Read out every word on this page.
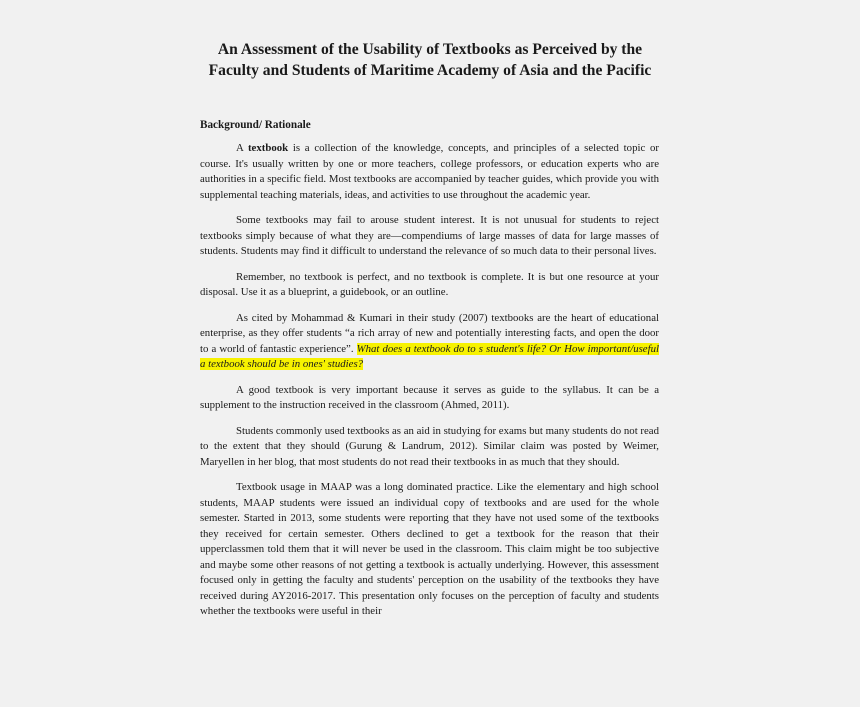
An Assessment of the Usability of Textbooks as Perceived by the
Faculty and Students of Maritime Academy of Asia and the Pacific
Background/ Rationale

A textbook is a collection of the knowledge, concepts, and principles of a selected topic or course. It's usually written by one or more teachers, college professors, or education experts who are authorities in a specific field. Most textbooks are accompanied by teacher guides, which provide you with supplemental teaching materials, ideas, and activities to use throughout the academic year.

Some textbooks may fail to arouse student interest. It is not unusual for students to reject textbooks simply because of what they are—compendiums of large masses of data for large masses of students. Students may find it difficult to understand the relevance of so much data to their personal lives.

Remember, no textbook is perfect, and no textbook is complete. It is but one resource at your disposal. Use it as a blueprint, a guidebook, or an outline.

As cited by Mohammad & Kumari in their study (2007) textbooks are the heart of educational enterprise, as they offer students “a rich array of new and potentially interesting facts, and open the door to a world of fantastic experience”. What does a textbook do to s student's life? Or How important/useful a textbook should be in ones' studies?

A good textbook is very important because it serves as guide to the syllabus. It can be a supplement to the instruction received in the classroom (Ahmed, 2011).

Students commonly used textbooks as an aid in studying for exams but many students do not read to the extent that they should (Gurung & Landrum, 2012). Similar claim was posted by Weimer, Maryellen in her blog, that most students do not read their textbooks in as much that they should.

Textbook usage in MAAP was a long dominated practice. Like the elementary and high school students, MAAP students were issued an individual copy of textbooks and are used for the whole semester. Started in 2013, some students were reporting that they have not used some of the textbooks they received for certain semester. Others declined to get a textbook for the reason that their upperclassmen told them that it will never be used in the classroom. This claim might be too subjective and maybe some other reasons of not getting a textbook is actually underlying. However, this assessment focused only in getting the faculty and students' perception on the usability of the textbooks they have received during AY2016-2017. This presentation only focuses on the perception of faculty and students whether the textbooks were useful in their
